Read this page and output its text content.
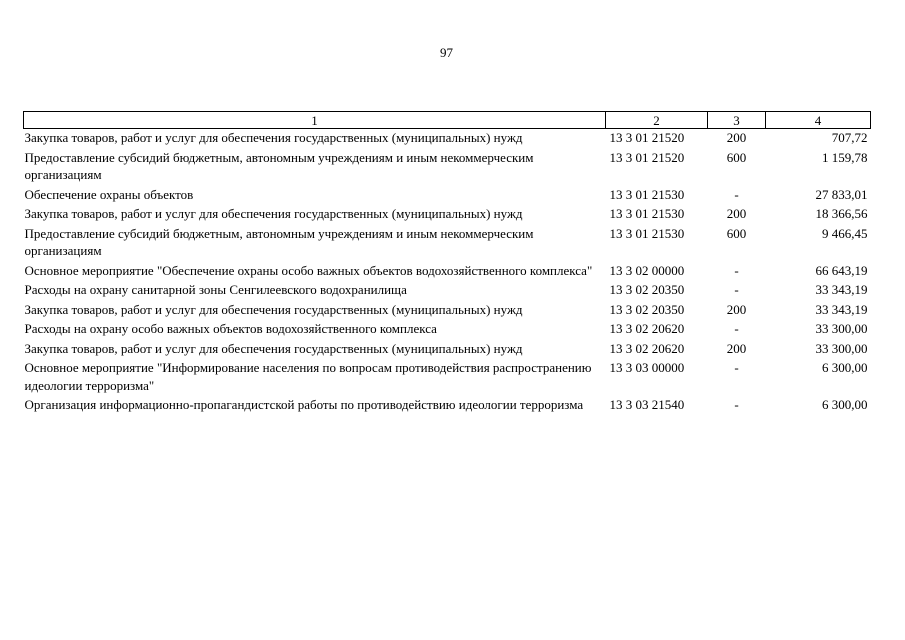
97
1	2	3	4
Закупка товаров, работ и услуг для обеспечения государственных (муниципальных) нужд	13 3 01 21520	200	707,72
Предоставление субсидий бюджетным, автономным учреждениям и иным некоммерческим организациям	13 3 01 21520	600	1 159,78
Обеспечение охраны объектов	13 3 01 21530	-	27 833,01
Закупка товаров, работ и услуг для обеспечения государственных (муниципальных) нужд	13 3 01 21530	200	18 366,56
Предоставление субсидий бюджетным, автономным учреждениям и иным некоммерческим организациям	13 3 01 21530	600	9 466,45
Основное мероприятие "Обеспечение охраны особо важных объектов водохозяйственного комплекса"	13 3 02 00000	-	66 643,19
Расходы на охрану санитарной зоны Сенгилеевского водохранилища	13 3 02 20350	-	33 343,19
Закупка товаров, работ и услуг для обеспечения государственных (муниципальных) нужд	13 3 02 20350	200	33 343,19
Расходы на охрану особо важных объектов водохозяйственного комплекса	13 3 02 20620	-	33 300,00
Закупка товаров, работ и услуг для обеспечения государственных (муниципальных) нужд	13 3 02 20620	200	33 300,00
Основное мероприятие "Информирование населения по вопросам противодействия распространению идеологии терроризма"	13 3 03 00000	-	6 300,00
Организация информационно-пропагандистской работы по противодействию идеологии терроризма	13 3 03 21540	-	6 300,00
